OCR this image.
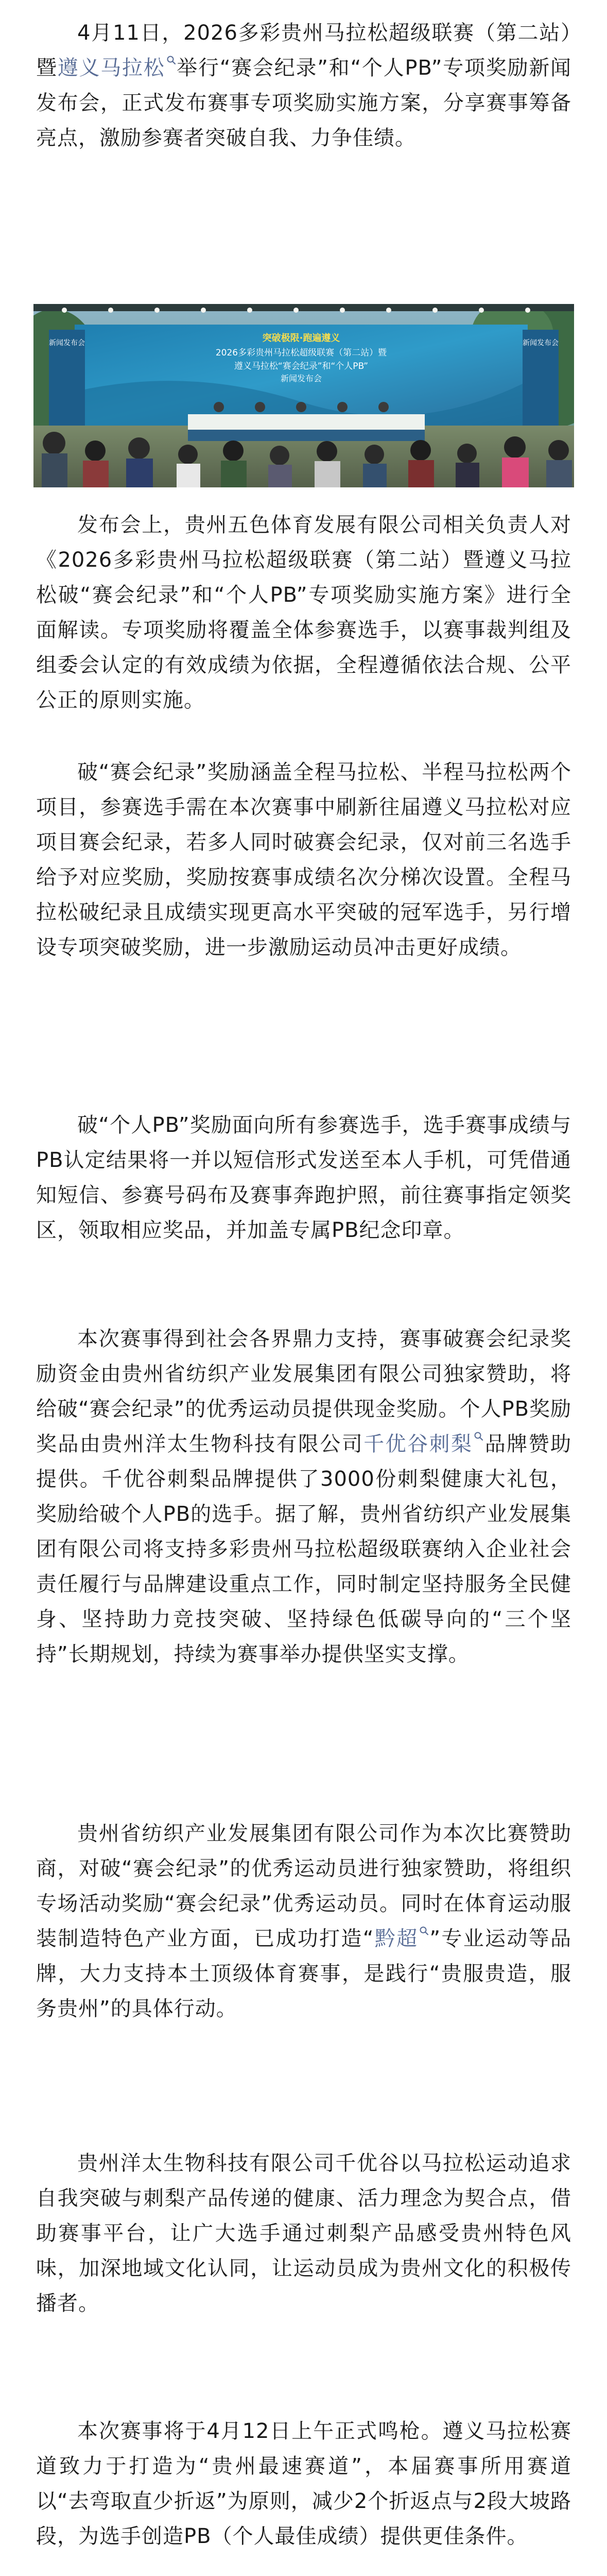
4月11日，2026多彩贵州马拉松超级联赛（第二站）暨遵义马拉松 举行“赛会纪录”和“个人PB”专项奖励新闻发布会，正式发布赛事专项奖励实施方案，分享赛事筹备亮点，激励参赛者突破自我、力争佳绩。

新闻发布会	新闻发布会
突破极限·跑遍遵义
2026多彩贵州马拉松超级联赛（第二站）暨
遵义马拉松“赛会纪录”和“个人PB”
新闻发布会

发布会上，贵州五色体育发展有限公司相关负责人对《2026多彩贵州马拉松超级联赛（第二站）暨遵义马拉松破“赛会纪录”和“个人PB”专项奖励实施方案》进行全面解读。专项奖励将覆盖全体参赛选手，以赛事裁判组及组委会认定的有效成绩为依据，全程遵循依法合规、公平公正的原则实施。

破“赛会纪录”奖励涵盖全程马拉松、半程马拉松两个项目，参赛选手需在本次赛事中刷新往届遵义马拉松对应项目赛会纪录，若多人同时破赛会纪录，仅对前三名选手给予对应奖励，奖励按赛事成绩名次分梯次设置。全程马拉松破纪录且成绩实现更高水平突破的冠军选手，另行增设专项突破奖励，进一步激励运动员冲击更好成绩。

破“个人PB”奖励面向所有参赛选手，选手赛事成绩与PB认定结果将一并以短信形式发送至本人手机，可凭借通知短信、参赛号码布及赛事奔跑护照，前往赛事指定领奖区，领取相应奖品，并加盖专属PB纪念印章。

本次赛事得到社会各界鼎力支持，赛事破赛会纪录奖励资金由贵州省纺织产业发展集团有限公司独家赞助，将给破“赛会纪录”的优秀运动员提供现金奖励。个人PB奖励奖品由贵州洋太生物科技有限公司千优谷刺梨 品牌赞助提供。千优谷刺梨品牌提供了3000份刺梨健康大礼包，奖励给破个人PB的选手。据了解，贵州省纺织产业发展集团有限公司将支持多彩贵州马拉松超级联赛纳入企业社会责任履行与品牌建设重点工作，同时制定坚持服务全民健身、坚持助力竞技突破、坚持绿色低碳导向的“三个坚持”长期规划，持续为赛事举办提供坚实支撑。

贵州省纺织产业发展集团有限公司作为本次比赛赞助商，对破“赛会纪录”的优秀运动员进行独家赞助，将组织专场活动奖励“赛会纪录”优秀运动员。同时在体育运动服装制造特色产业方面，已成功打造“黔超 ”专业运动等品牌，大力支持本土顶级体育赛事，是践行“贵服贵造，服务贵州”的具体行动。

贵州洋太生物科技有限公司千优谷以马拉松运动追求自我突破与刺梨产品传递的健康、活力理念为契合点，借助赛事平台，让广大选手通过刺梨产品感受贵州特色风味，加深地域文化认同，让运动员成为贵州文化的积极传播者。

本次赛事将于4月12日上午正式鸣枪。遵义马拉松赛道致力于打造为“贵州最速赛道”，本届赛事所用赛道以“去弯取直少折返”为原则，减少2个折返点与2段大坡路段，为选手创造PB（个人最佳成绩）提供更佳条件。
